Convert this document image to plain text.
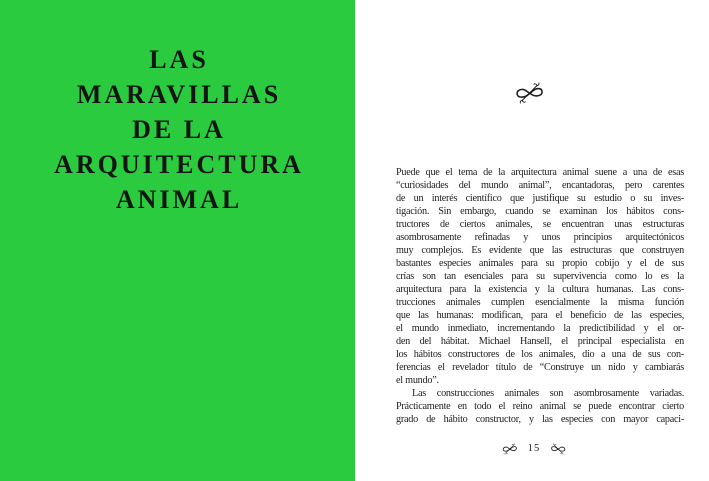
LAS
MARAVILLAS
DE LA
ARQUITECTURA
ANIMAL
Puede que el tema de la arquitectura animal suene a una de esas
“curiosidades del mundo animal”, encantadoras, pero carentes
de un interés científico que justifique su estudio o su inves-
tigación. Sin embargo, cuando se examinan los hábitos cons-
tructores de ciertos animales, se encuentran unas estructuras
asombrosamente refinadas y unos principios arquitectónicos
muy complejos. Es evidente que las estructuras que construyen
bastantes especies animales para su propio cobijo y el de sus
crías son tan esenciales para su supervivencia como lo es la
arquitectura para la existencia y la cultura humanas. Las cons-
trucciones animales cumplen esencialmente la misma función
que las humanas: modifican, para el beneficio de las especies,
el mundo inmediato, incrementando la predictibilidad y el or-
den del hábitat. Michael Hansell, el principal especialista en
los hábitos constructores de los animales, dio a una de sus con-
ferencias el revelador título de “Construye un nido y cambiarás
el mundo”.
Las construcciones animales son asombrosamente variadas.
Prácticamente en todo el reino animal se puede encontrar cierto
grado de hábito constructor, y las especies con mayor capaci-
15
